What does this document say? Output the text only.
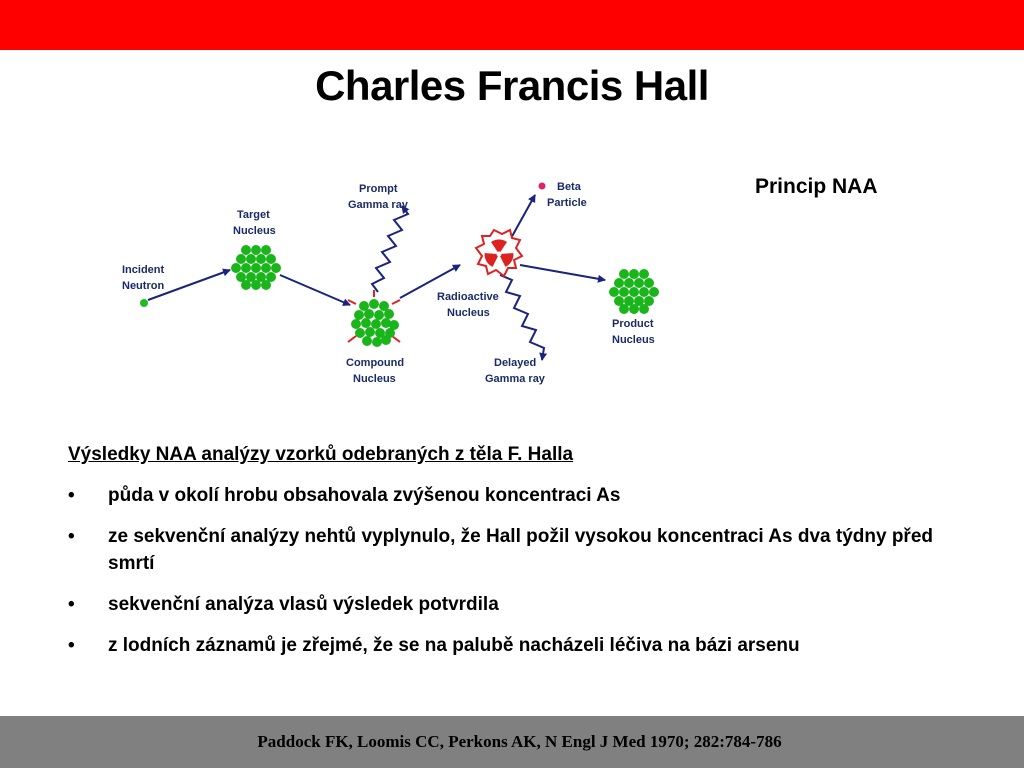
Charles Francis Hall
Princip NAA
Incident
Neutron
Target
Nucleus
Prompt
Gamma ray
Compound
Nucleus
Radioactive
Nucleus
Beta
Particle
Delayed
Gamma ray
Product
Nucleus
Výsledky NAA analýzy vzorků odebraných z těla F. Halla
• půda v okolí hrobu obsahovala zvýšenou koncentraci As
• ze sekvenční analýzy nehtů vyplynulo, že Hall požil vysokou koncentraci As dva týdny před smrtí
• sekvenční analýza vlasů výsledek potvrdila
• z lodních záznamů je zřejmé, že se na palubě nacházeli léčiva na bázi arsenu
Paddock FK, Loomis CC, Perkons AK, N Engl J Med 1970; 282:784-786
